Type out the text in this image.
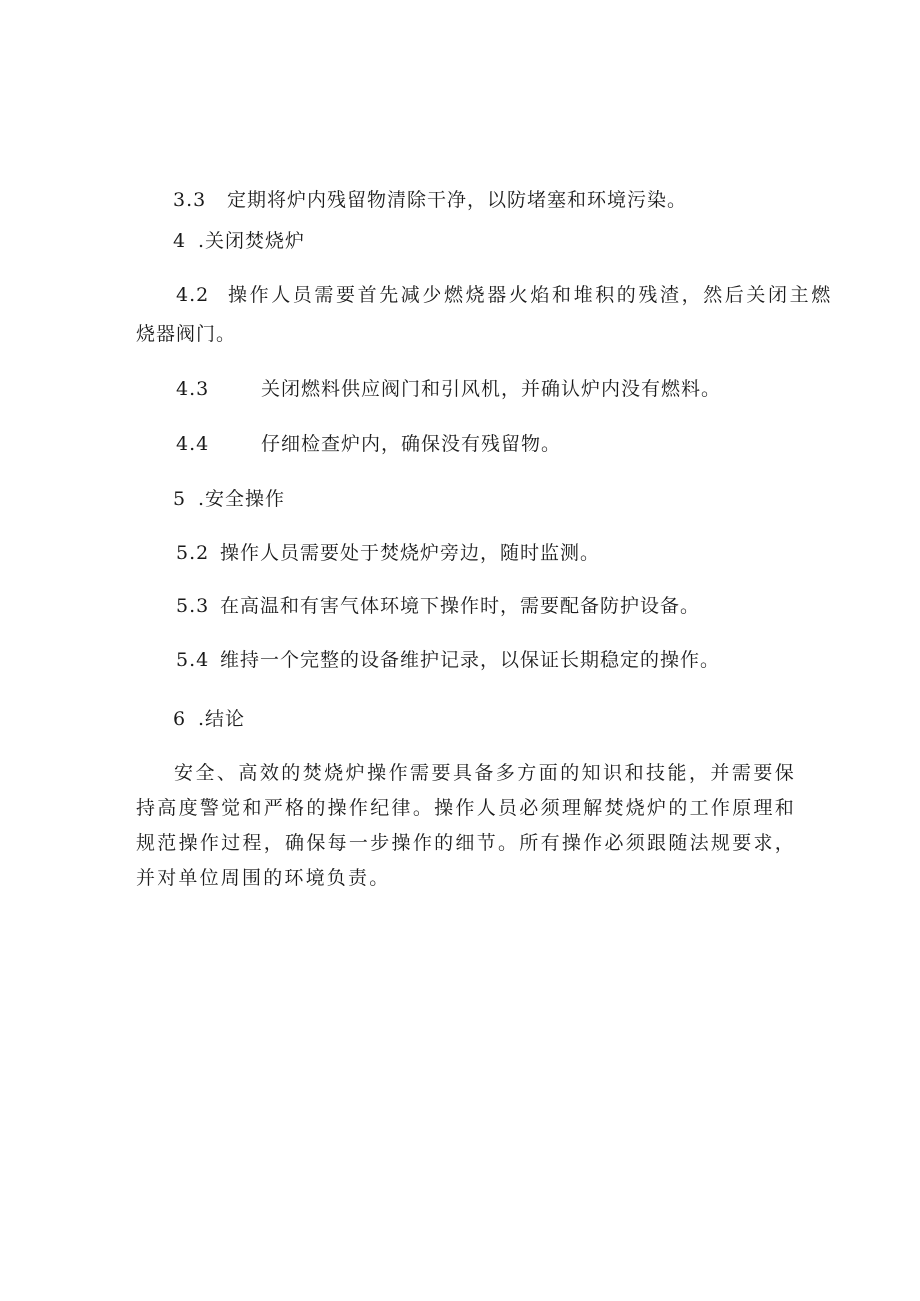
3.3 定期将炉内残留物清除干净，以防堵塞和环境污染。
4 .关闭焚烧炉
4.2 操作人员需要首先减少燃烧器火焰和堆积的残渣，然后关闭主燃
烧器阀门。
4.3	关闭燃料供应阀门和引风机，并确认炉内没有燃料。
4.4	仔细检查炉内，确保没有残留物。
5 .安全操作
5.2 操作人员需要处于焚烧炉旁边，随时监测。
5.3 在高温和有害气体环境下操作时，需要配备防护设备。
5.4 维持一个完整的设备维护记录，以保证长期稳定的操作。
6 .结论
安全、高效的焚烧炉操作需要具备多方面的知识和技能，并需要保持高度警觉和严格的操作纪律。操作人员必须理解焚烧炉的工作原理和规范操作过程，确保每一步操作的细节。所有操作必须跟随法规要求，并对单位周围的环境负责。
